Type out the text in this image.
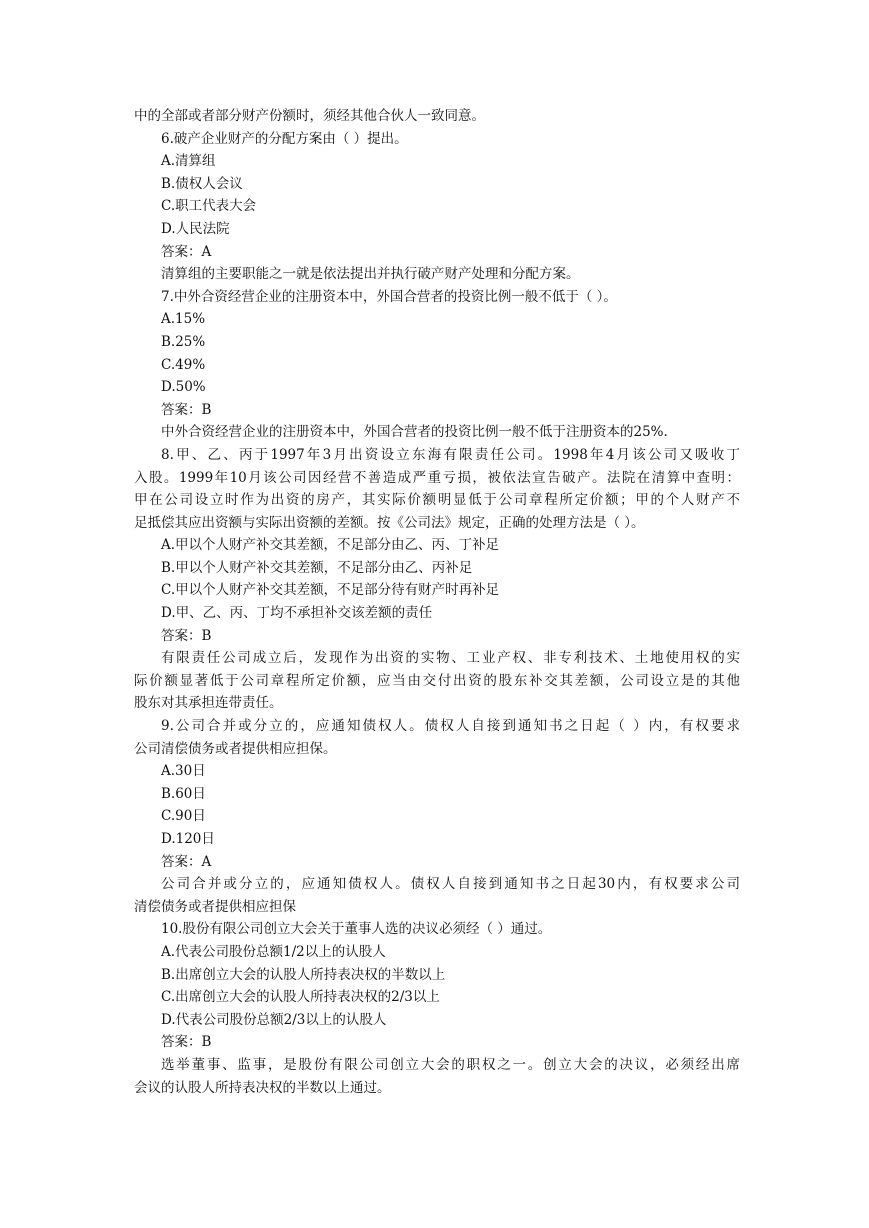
中的全部或者部分财产份额时，须经其他合伙人一致同意。
6.破产企业财产的分配方案由（ ）提出。
A.清算组
B.债权人会议
C.职工代表大会
D.人民法院
答案：A
清算组的主要职能之一就是依法提出并执行破产财产处理和分配方案。
7.中外合资经营企业的注册资本中，外国合营者的投资比例一般不低于（ ）。
A.15%
B.25%
C.49%
D.50%
答案：B
中外合资经营企业的注册资本中，外国合营者的投资比例一般不低于注册资本的25%.
8.甲、乙、丙于1997年3月出资设立东海有限责任公司。1998年4月该公司又吸收丁
入股。1999年10月该公司因经营不善造成严重亏损，被依法宣告破产。法院在清算中查明：
甲在公司设立时作为出资的房产，其实际价额明显低于公司章程所定价额；甲的个人财产不
足抵偿其应出资额与实际出资额的差额。按《公司法》规定，正确的处理方法是（ ）。
A.甲以个人财产补交其差额，不足部分由乙、丙、丁补足
B.甲以个人财产补交其差额，不足部分由乙、丙补足
C.甲以个人财产补交其差额，不足部分待有财产时再补足
D.甲、乙、丙、丁均不承担补交该差额的责任
答案：B
有限责任公司成立后，发现作为出资的实物、工业产权、非专利技术、土地使用权的实
际价额显著低于公司章程所定价额，应当由交付出资的股东补交其差额，公司设立是的其他
股东对其承担连带责任。
9.公司合并或分立的，应通知债权人。债权人自接到通知书之日起（ ）内，有权要求
公司清偿债务或者提供相应担保。
A.30日
B.60日
C.90日
D.120日
答案：A
公司合并或分立的，应通知债权人。债权人自接到通知书之日起30内，有权要求公司
清偿债务或者提供相应担保
10.股份有限公司创立大会关于董事人选的决议必须经（ ）通过。
A.代表公司股份总额1/2以上的认股人
B.出席创立大会的认股人所持表决权的半数以上
C.出席创立大会的认股人所持表决权的2/3以上
D.代表公司股份总额2/3以上的认股人
答案：B
选举董事、监事，是股份有限公司创立大会的职权之一。创立大会的决议，必须经出席
会议的认股人所持表决权的半数以上通过。
